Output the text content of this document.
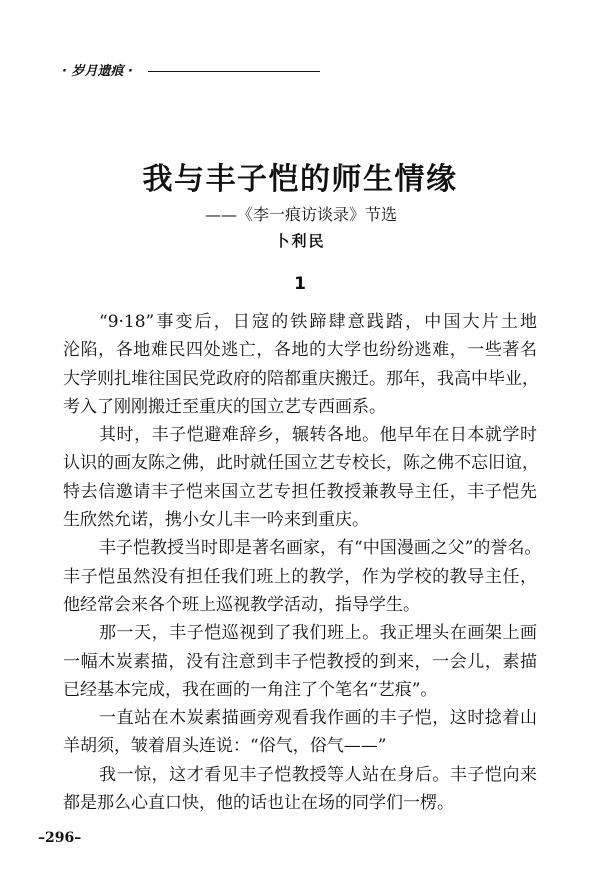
· 岁月遗痕 ·
我与丰子恺的师生情缘
——《李一痕访谈录》节选
卜利民
1
“9·18”事变后，日寇的铁蹄肆意践踏，中国大片土地
沦陷，各地难民四处逃亡，各地的大学也纷纷逃难，一些著名
大学则扎堆往国民党政府的陪都重庆搬迁。那年，我高中毕业，
考入了刚刚搬迁至重庆的国立艺专西画系。
其时，丰子恺避难辞乡，辗转各地。他早年在日本就学时
认识的画友陈之佛，此时就任国立艺专校长，陈之佛不忘旧谊，
特去信邀请丰子恺来国立艺专担任教授兼教导主任，丰子恺先
生欣然允诺，携小女儿丰一吟来到重庆。
丰子恺教授当时即是著名画家，有“中国漫画之父”的誉名。
丰子恺虽然没有担任我们班上的教学，作为学校的教导主任，
他经常会来各个班上巡视教学活动，指导学生。
那一天，丰子恺巡视到了我们班上。我正埋头在画架上画
一幅木炭素描，没有注意到丰子恺教授的到来，一会儿，素描
已经基本完成，我在画的一角注了个笔名“艺痕”。
一直站在木炭素描画旁观看我作画的丰子恺，这时捻着山
羊胡须，皱着眉头连说：“俗气，俗气——”
我一惊，这才看见丰子恺教授等人站在身后。丰子恺向来
都是那么心直口快，他的话也让在场的同学们一楞。
–296–
